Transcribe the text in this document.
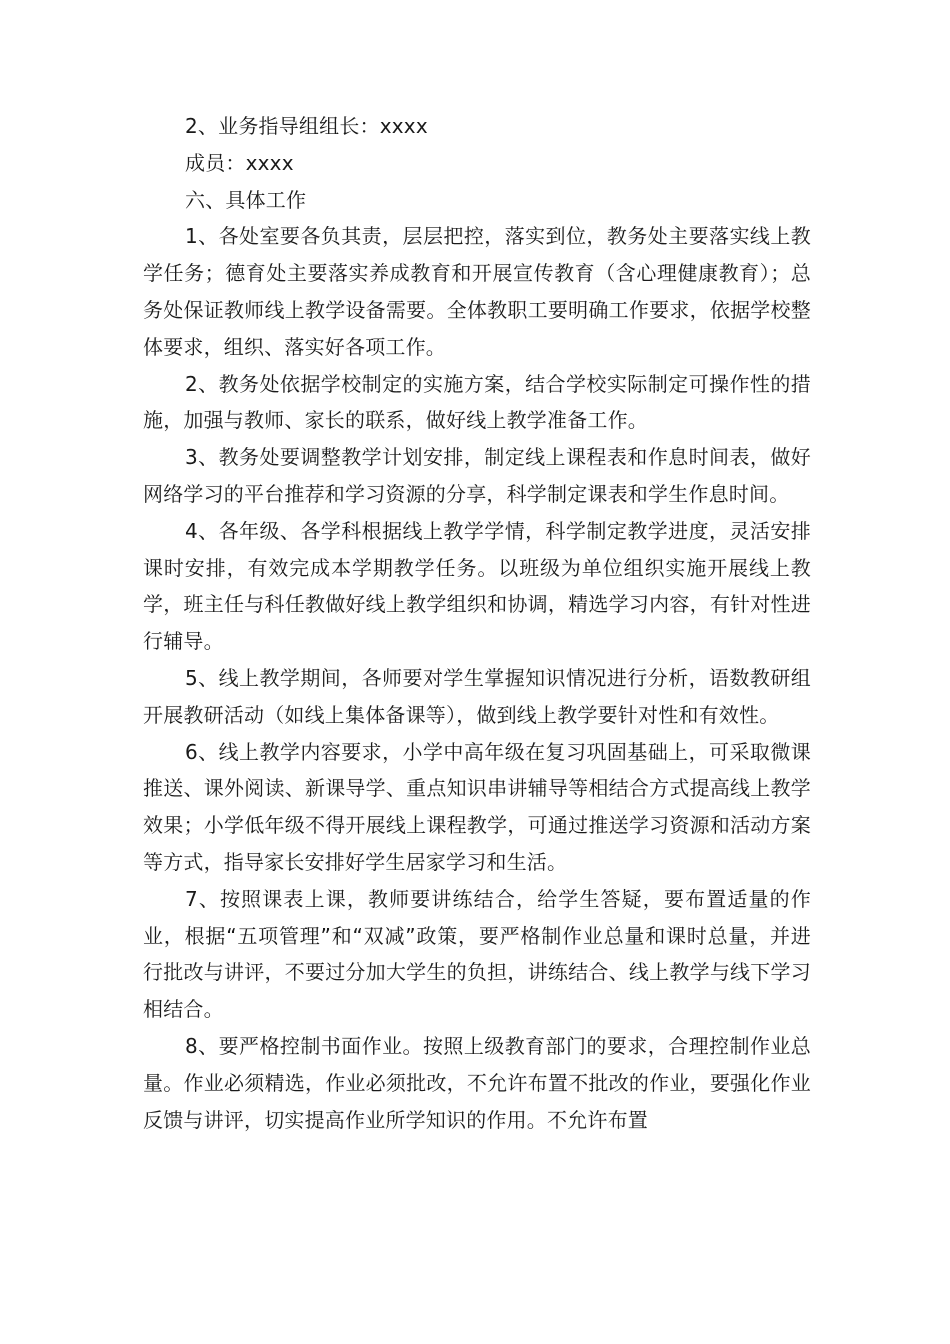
2、业务指导组组长：xxxx

成员：xxxx

六、具体工作

1、各处室要各负其责，层层把控，落实到位，教务处主要落实线上教学任务；德育处主要落实养成教育和开展宣传教育（含心理健康教育）；总务处保证教师线上教学设备需要。全体教职工要明确工作要求，依据学校整体要求，组织、落实好各项工作。

2、教务处依据学校制定的实施方案，结合学校实际制定可操作性的措施，加强与教师、家长的联系，做好线上教学准备工作。

3、教务处要调整教学计划安排，制定线上课程表和作息时间表，做好网络学习的平台推荐和学习资源的分享，科学制定课表和学生作息时间。

4、各年级、各学科根据线上教学学情，科学制定教学进度，灵活安排课时安排，有效完成本学期教学任务。以班级为单位组织实施开展线上教学，班主任与科任教做好线上教学组织和协调，精选学习内容，有针对性进行辅导。

5、线上教学期间，各师要对学生掌握知识情况进行分析，语数教研组开展教研活动（如线上集体备课等），做到线上教学要针对性和有效性。

6、线上教学内容要求，小学中高年级在复习巩固基础上，可采取微课推送、课外阅读、新课导学、重点知识串讲辅导等相结合方式提高线上教学效果；小学低年级不得开展线上课程教学，可通过推送学习资源和活动方案等方式，指导家长安排好学生居家学习和生活。

7、按照课表上课，教师要讲练结合，给学生答疑，要布置适量的作业，根据“五项管理”和“双减”政策，要严格制作业总量和课时总量，并进行批改与讲评，不要过分加大学生的负担，讲练结合、线上教学与线下学习相结合。

8、要严格控制书面作业。按照上级教育部门的要求，合理控制作业总量。作业必须精选，作业必须批改，不允许布置不批改的作业，要强化作业反馈与讲评，切实提高作业所学知识的作用。不允许布置
